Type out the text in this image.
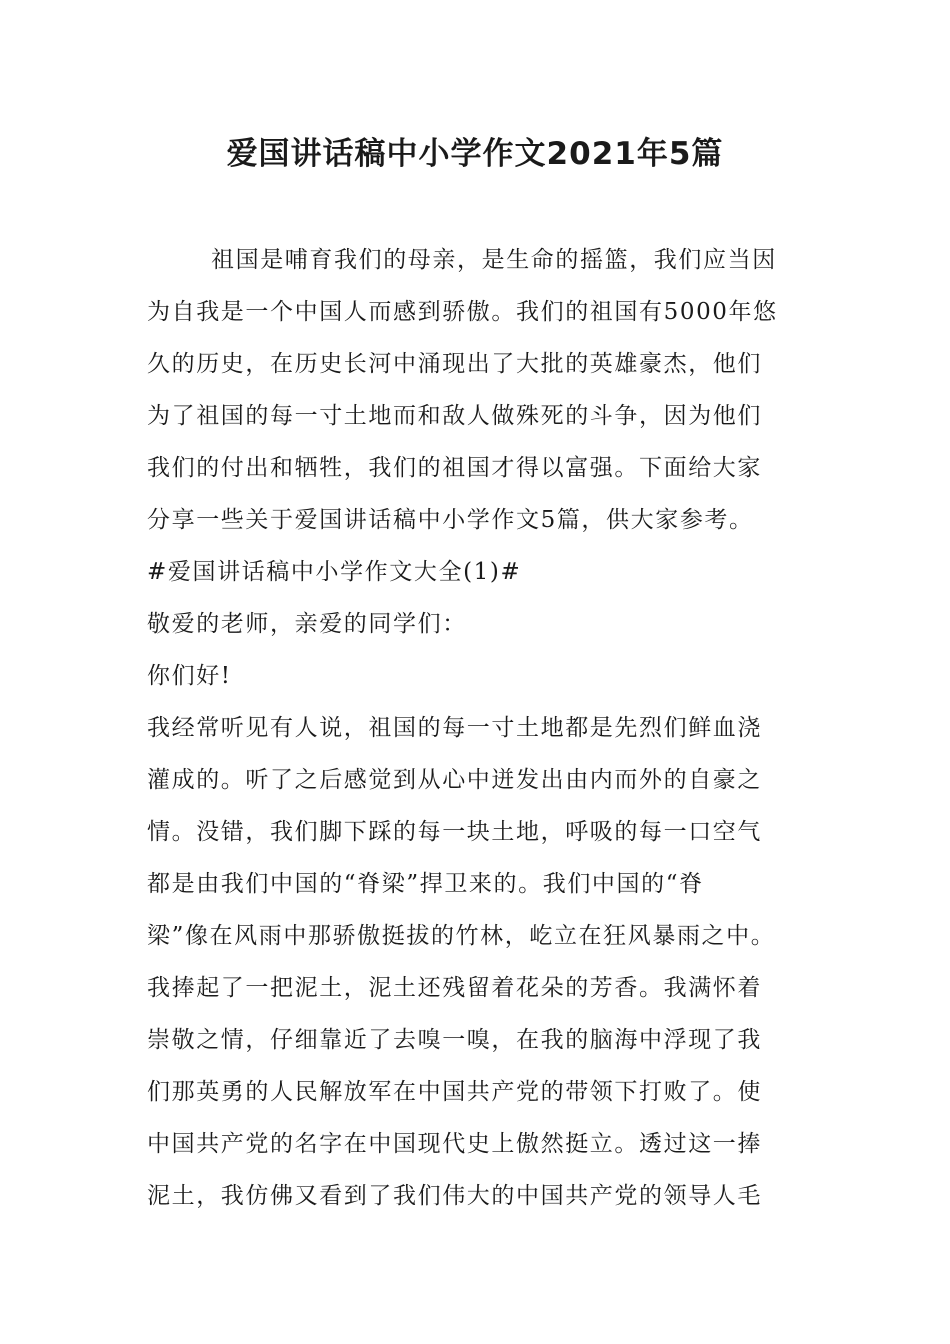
爱国讲话稿中小学作文2021年5篇
祖国是哺育我们的母亲，是生命的摇篮，我们应当因
为自我是一个中国人而感到骄傲。我们的祖国有5000年悠
久的历史，在历史长河中涌现出了大批的英雄豪杰，他们
为了祖国的每一寸土地而和敌人做殊死的斗争，因为他们
我们的付出和牺牲，我们的祖国才得以富强。下面给大家
分享一些关于爱国讲话稿中小学作文5篇，供大家参考。
#爱国讲话稿中小学作文大全(1)#
敬爱的老师，亲爱的同学们：
你们好!
我经常听见有人说，祖国的每一寸土地都是先烈们鲜血浇
灌成的。听了之后感觉到从心中迸发出由内而外的自豪之
情。没错，我们脚下踩的每一块土地，呼吸的每一口空气
都是由我们中国的“脊梁”捍卫来的。我们中国的“脊
梁”像在风雨中那骄傲挺拔的竹林，屹立在狂风暴雨之中。
我捧起了一把泥土，泥土还残留着花朵的芳香。我满怀着
崇敬之情，仔细靠近了去嗅一嗅，在我的脑海中浮现了我
们那英勇的人民解放军在中国共产党的带领下打败了。使
中国共产党的名字在中国现代史上傲然挺立。透过这一捧
泥土，我仿佛又看到了我们伟大的中国共产党的领导人毛
